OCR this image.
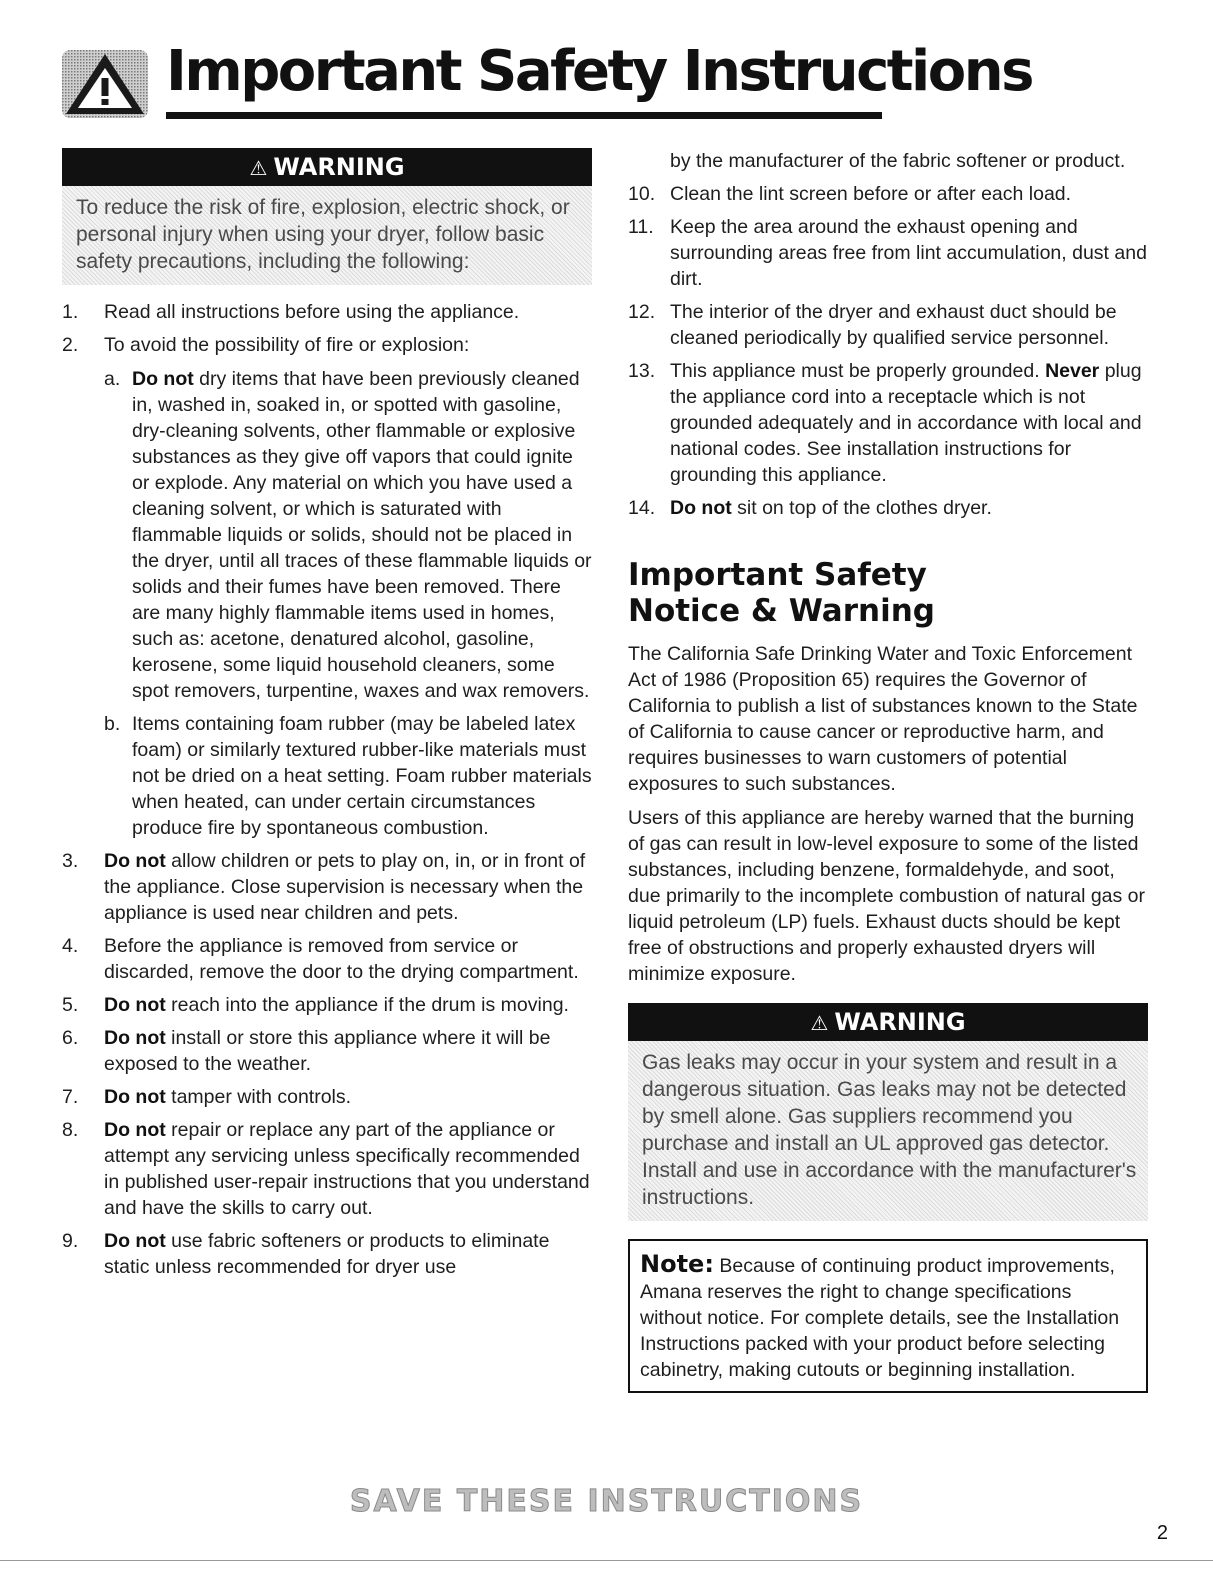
Important Safety Instructions
⚠ WARNING
To reduce the risk of fire, explosion, electric shock, or personal injury when using your dryer, follow basic safety precautions, including the following:
1.	Read all instructions before using the appliance.
2.	To avoid the possibility of fire or explosion:
a. Do not dry items that have been previously cleaned in, washed in, soaked in, or spotted with gasoline, dry-cleaning solvents, other flammable or explosive substances as they give off vapors that could ignite or explode. Any material on which you have used a cleaning solvent, or which is saturated with flammable liquids or solids, should not be placed in the dryer, until all traces of these flammable liquids or solids and their fumes have been removed. There are many highly flammable items used in homes, such as: acetone, denatured alcohol, gasoline, kerosene, some liquid household cleaners, some spot removers, turpentine, waxes and wax removers.
b. Items containing foam rubber (may be labeled latex foam) or similarly textured rubber-like materials must not be dried on a heat setting. Foam rubber materials when heated, can under certain circumstances produce fire by spontaneous combustion.
3.	Do not allow children or pets to play on, in, or in front of the appliance. Close supervision is necessary when the appliance is used near children and pets.
4.	Before the appliance is removed from service or discarded, remove the door to the drying compartment.
5.	Do not reach into the appliance if the drum is moving.
6.	Do not install or store this appliance where it will be exposed to the weather.
7.	Do not tamper with controls.
8.	Do not repair or replace any part of the appliance or attempt any servicing unless specifically recommended in published user-repair instructions that you understand and have the skills to carry out.
9.	Do not use fabric softeners or products to eliminate static unless recommended for dryer use
by the manufacturer of the fabric softener or product.
10. Clean the lint screen before or after each load.
11. Keep the area around the exhaust opening and surrounding areas free from lint accumulation, dust and dirt.
12. The interior of the dryer and exhaust duct should be cleaned periodically by qualified service personnel.
13. This appliance must be properly grounded. Never plug the appliance cord into a receptacle which is not grounded adequately and in accordance with local and national codes. See installation instructions for grounding this appliance.
14. Do not sit on top of the clothes dryer.
Important Safety
Notice & Warning

The California Safe Drinking Water and Toxic Enforcement Act of 1986 (Proposition 65) requires the Governor of California to publish a list of substances known to the State of California to cause cancer or reproductive harm, and requires businesses to warn customers of potential exposures to such substances.

Users of this appliance are hereby warned that the burning of gas can result in low-level exposure to some of the listed substances, including benzene, formaldehyde, and soot, due primarily to the incomplete combustion of natural gas or liquid petroleum (LP) fuels. Exhaust ducts should be kept free of obstructions and properly exhausted dryers will minimize exposure.

⚠ WARNING
Gas leaks may occur in your system and result in a dangerous situation. Gas leaks may not be detected by smell alone. Gas suppliers recommend you purchase and install an UL approved gas detector. Install and use in accordance with the manufacturer's instructions.
Note: Because of continuing product improvements, Amana reserves the right to change specifications without notice. For complete details, see the Installation Instructions packed with your product before selecting cabinetry, making cutouts or beginning installation.
SAVE THESE INSTRUCTIONS
2
